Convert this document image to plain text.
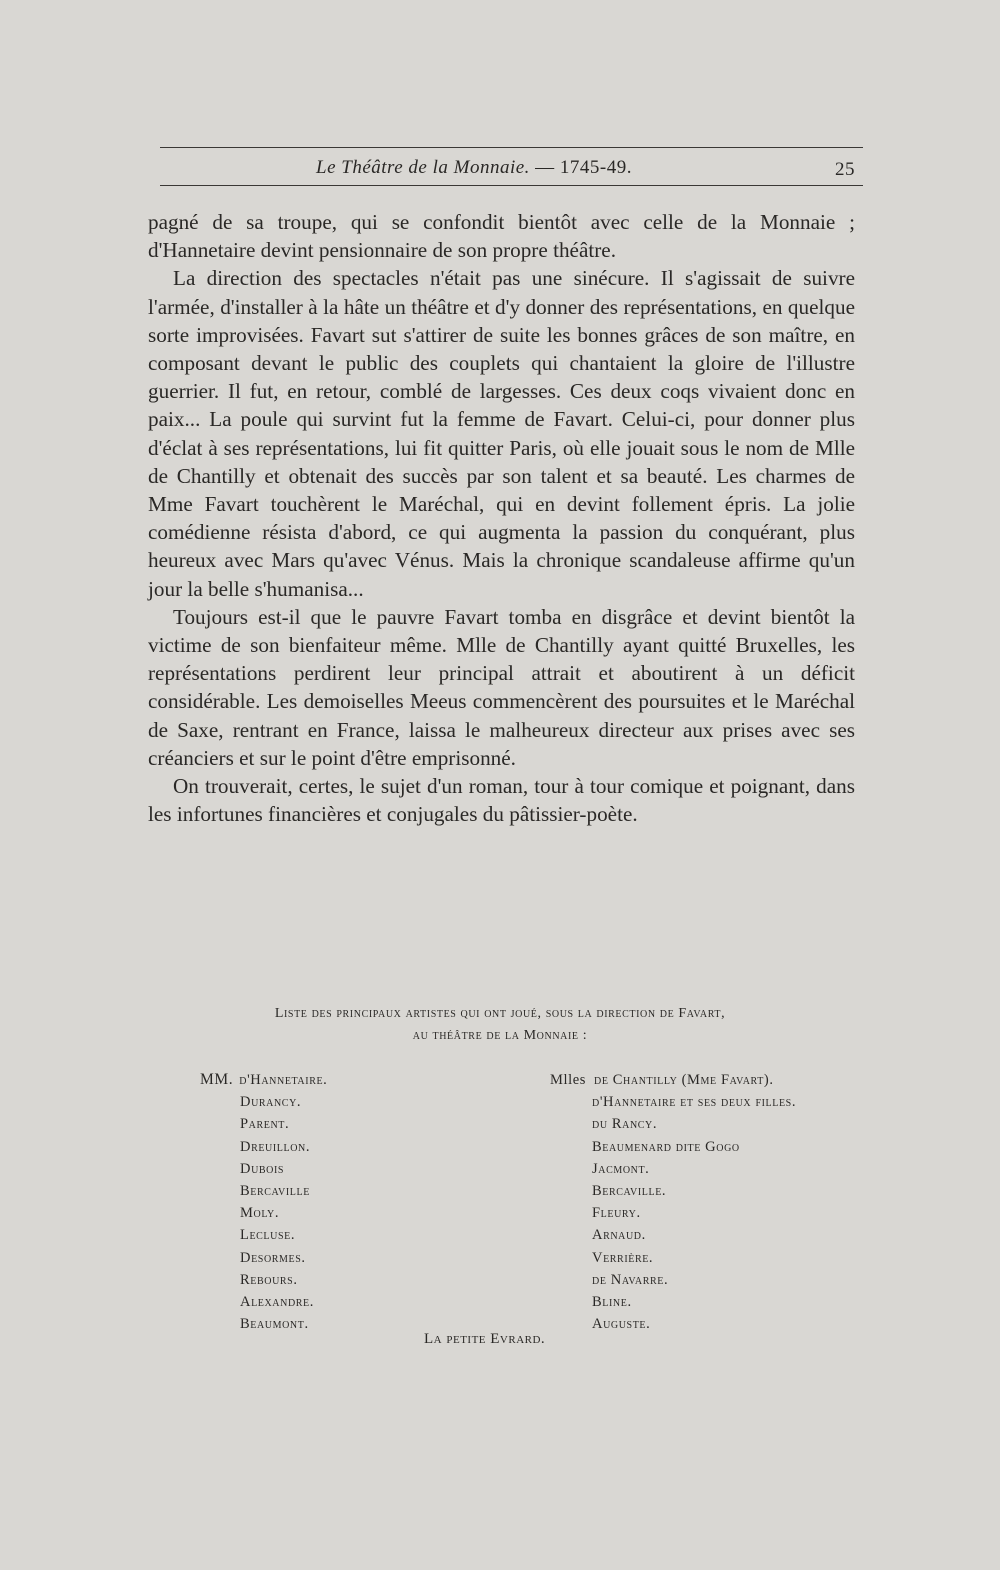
Le Théâtre de la Monnaie. — 1745-49.	25

pagné de sa troupe, qui se confondit bientôt avec celle de la Monnaie ; d'Hannetaire devint pensionnaire de son propre théâtre.

La direction des spectacles n'était pas une sinécure. Il s'agissait de suivre l'armée, d'installer à la hâte un théâtre et d'y donner des représentations, en quelque sorte improvisées. Favart sut s'attirer de suite les bonnes grâces de son maître, en composant devant le public des couplets qui chantaient la gloire de l'illustre guerrier. Il fut, en retour, comblé de largesses. Ces deux coqs vivaient donc en paix... La poule qui survint fut la femme de Favart. Celui-ci, pour donner plus d'éclat à ses représentations, lui fit quitter Paris, où elle jouait sous le nom de Mlle de Chantilly et obtenait des succès par son talent et sa beauté. Les charmes de Mme Favart touchèrent le Maréchal, qui en devint follement épris. La jolie comédienne résista d'abord, ce qui augmenta la passion du conquérant, plus heureux avec Mars qu'avec Vénus. Mais la chronique scandaleuse affirme qu'un jour la belle s'humanisa...

Toujours est-il que le pauvre Favart tomba en disgrâce et devint bientôt la victime de son bienfaiteur même. Mlle de Chantilly ayant quitté Bruxelles, les représentations perdirent leur principal attrait et aboutirent à un déficit considérable. Les demoiselles Meeus commencèrent des poursuites et le Maréchal de Saxe, rentrant en France, laissa le malheureux directeur aux prises avec ses créanciers et sur le point d'être emprisonné.

On trouverait, certes, le sujet d'un roman, tour à tour comique et poignant, dans les infortunes financières et conjugales du pâtissier-poète.

Liste des principaux artistes qui ont joué, sous la direction de Favart,
au théâtre de la Monnaie :
MM. d'Hannetaire.
Durancy.
Parent.
Dreuillon.
Dubois
Bercaville
Moly.
Lecluse.
Desormes.
Rebours.
Alexandre.
Beaumont.
Mlles de Chantilly (Mme Favart).
d'Hannetaire et ses deux filles.
du Rancy.
Beaumenard dite Gogo
Jacmont.
Bercaville.
Fleury.
Arnaud.
Verrière.
de Navarre.
Bline.
Auguste.
La petite Evrard.
